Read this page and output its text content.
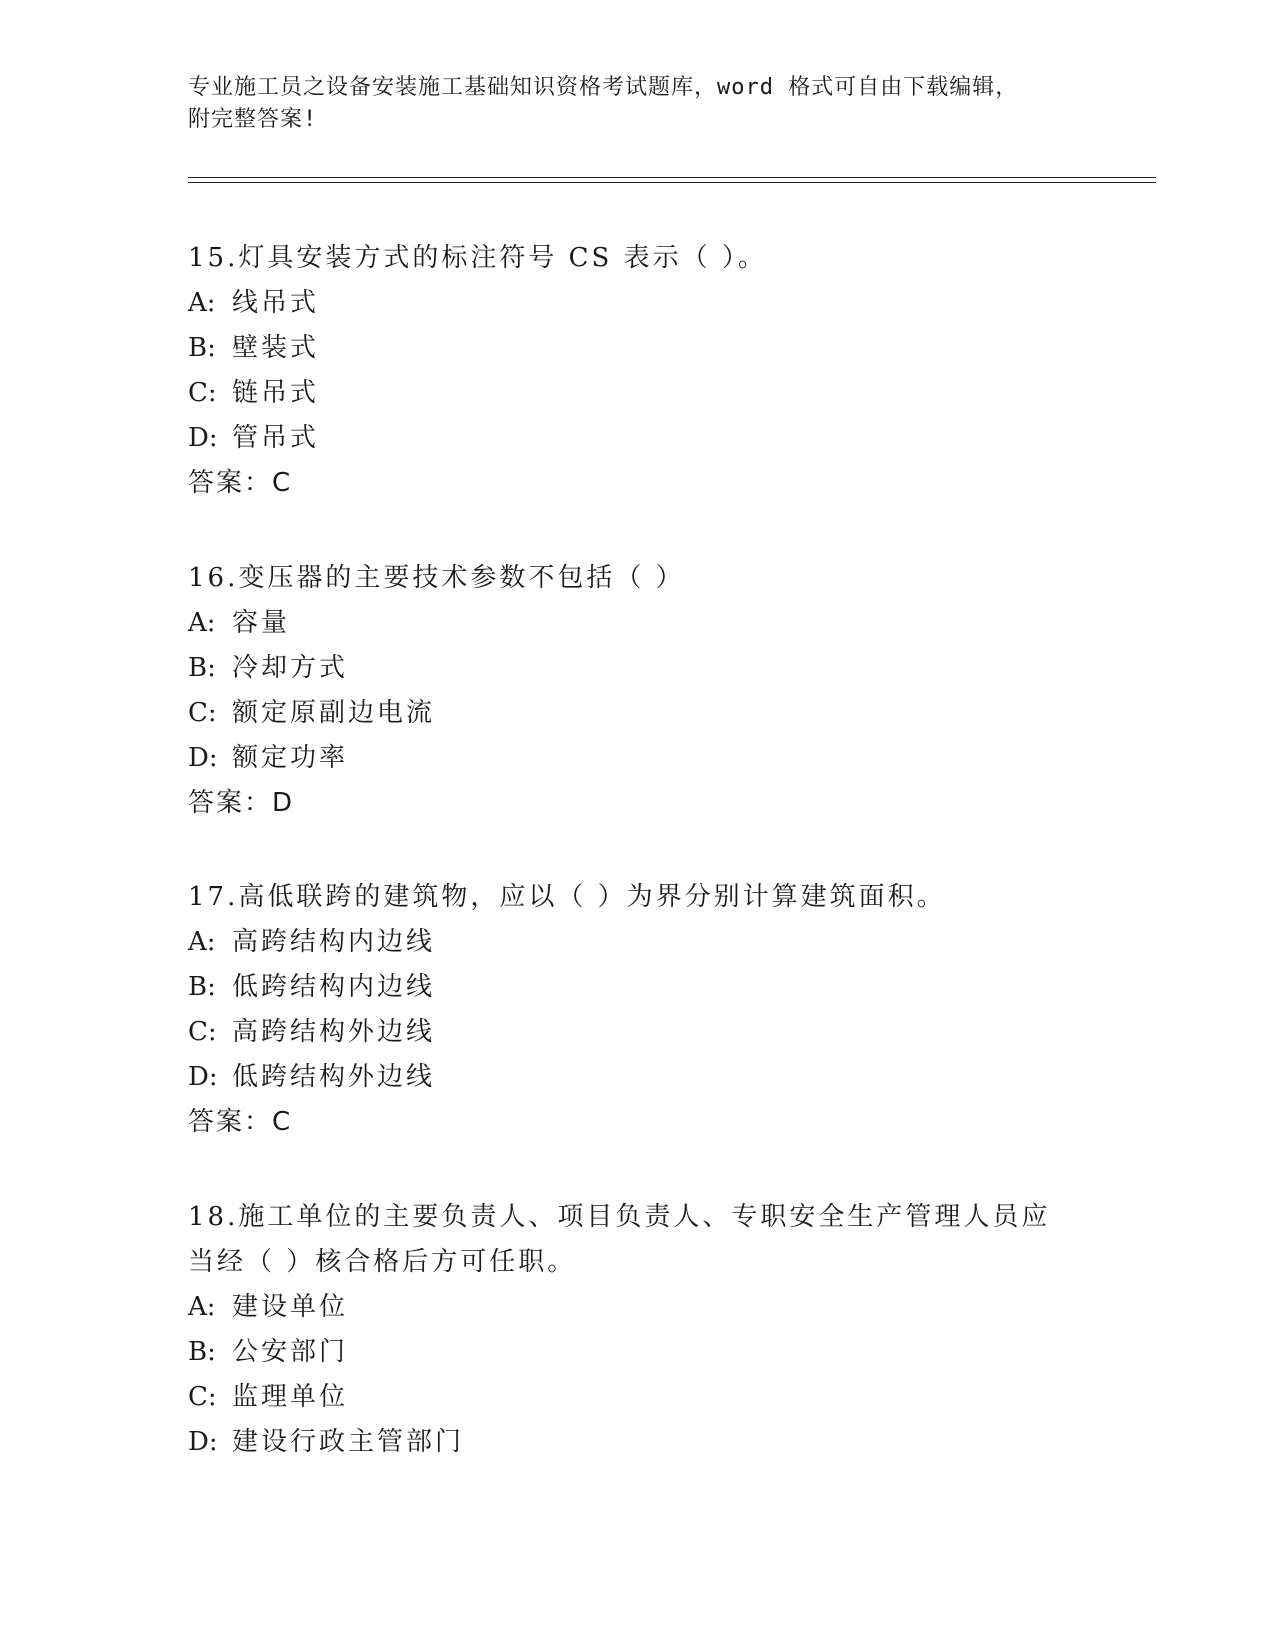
专业施工员之设备安装施工基础知识资格考试题库，word 格式可自由下载编辑，
附完整答案!

15.灯具安装方式的标注符号 CS 表示（ ）。

A: 线吊式

B: 壁装式

C: 链吊式

D: 管吊式

答案：C

16.变压器的主要技术参数不包括（ ）

A: 容量

B: 冷却方式

C: 额定原副边电流

D: 额定功率

答案：D

17.高低联跨的建筑物，应以（ ）为界分别计算建筑面积。

A: 高跨结构内边线

B: 低跨结构内边线

C: 高跨结构外边线

D: 低跨结构外边线

答案：C

18.施工单位的主要负责人、项目负责人、专职安全生产管理人员应当经（ ）核合格后方可任职。

A: 建设单位

B: 公安部门

C: 监理单位

D: 建设行政主管部门
